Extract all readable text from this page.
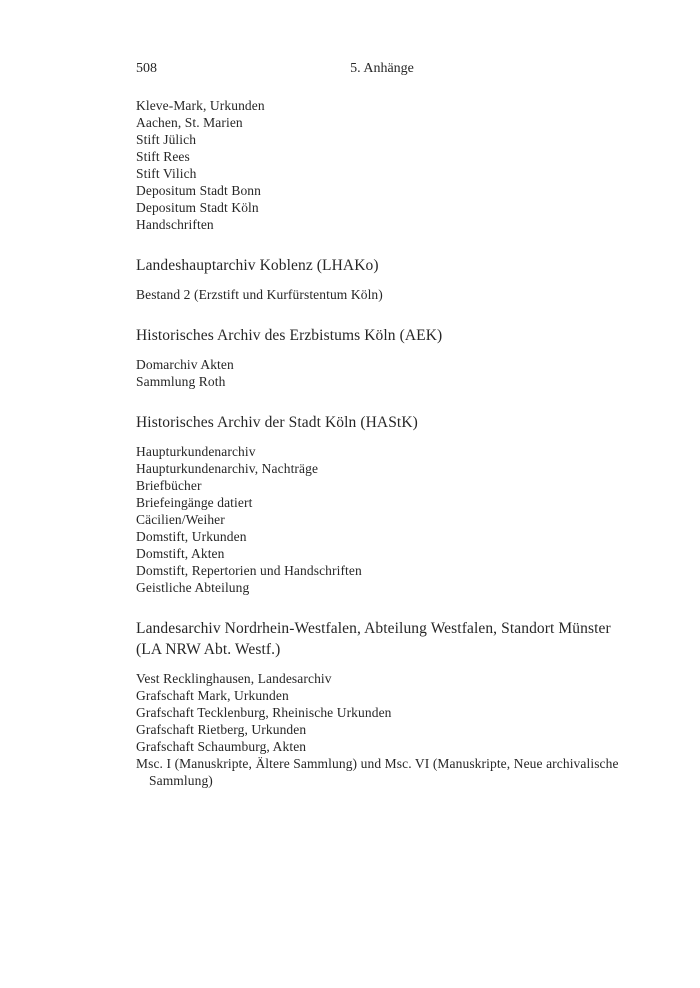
508	5. Anhänge
Kleve-Mark, Urkunden
Aachen, St. Marien
Stift Jülich
Stift Rees
Stift Vilich
Depositum Stadt Bonn
Depositum Stadt Köln
Handschriften
Landeshauptarchiv Koblenz (LHAKo)
Bestand 2 (Erzstift und Kurfürstentum Köln)
Historisches Archiv des Erzbistums Köln (AEK)
Domarchiv Akten
Sammlung Roth
Historisches Archiv der Stadt Köln (HAStK)
Haupturkundenarchiv
Haupturkundenarchiv, Nachträge
Briefbücher
Briefeingänge datiert
Cäcilien/Weiher
Domstift, Urkunden
Domstift, Akten
Domstift, Repertorien und Handschriften
Geistliche Abteilung
Landesarchiv Nordrhein-Westfalen, Abteilung Westfalen, Standort Münster (LA NRW Abt. Westf.)
Vest Recklinghausen, Landesarchiv
Grafschaft Mark, Urkunden
Grafschaft Tecklenburg, Rheinische Urkunden
Grafschaft Rietberg, Urkunden
Grafschaft Schaumburg, Akten
Msc. I (Manuskripte, Ältere Sammlung) und Msc. VI (Manuskripte, Neue archivalische Sammlung)
